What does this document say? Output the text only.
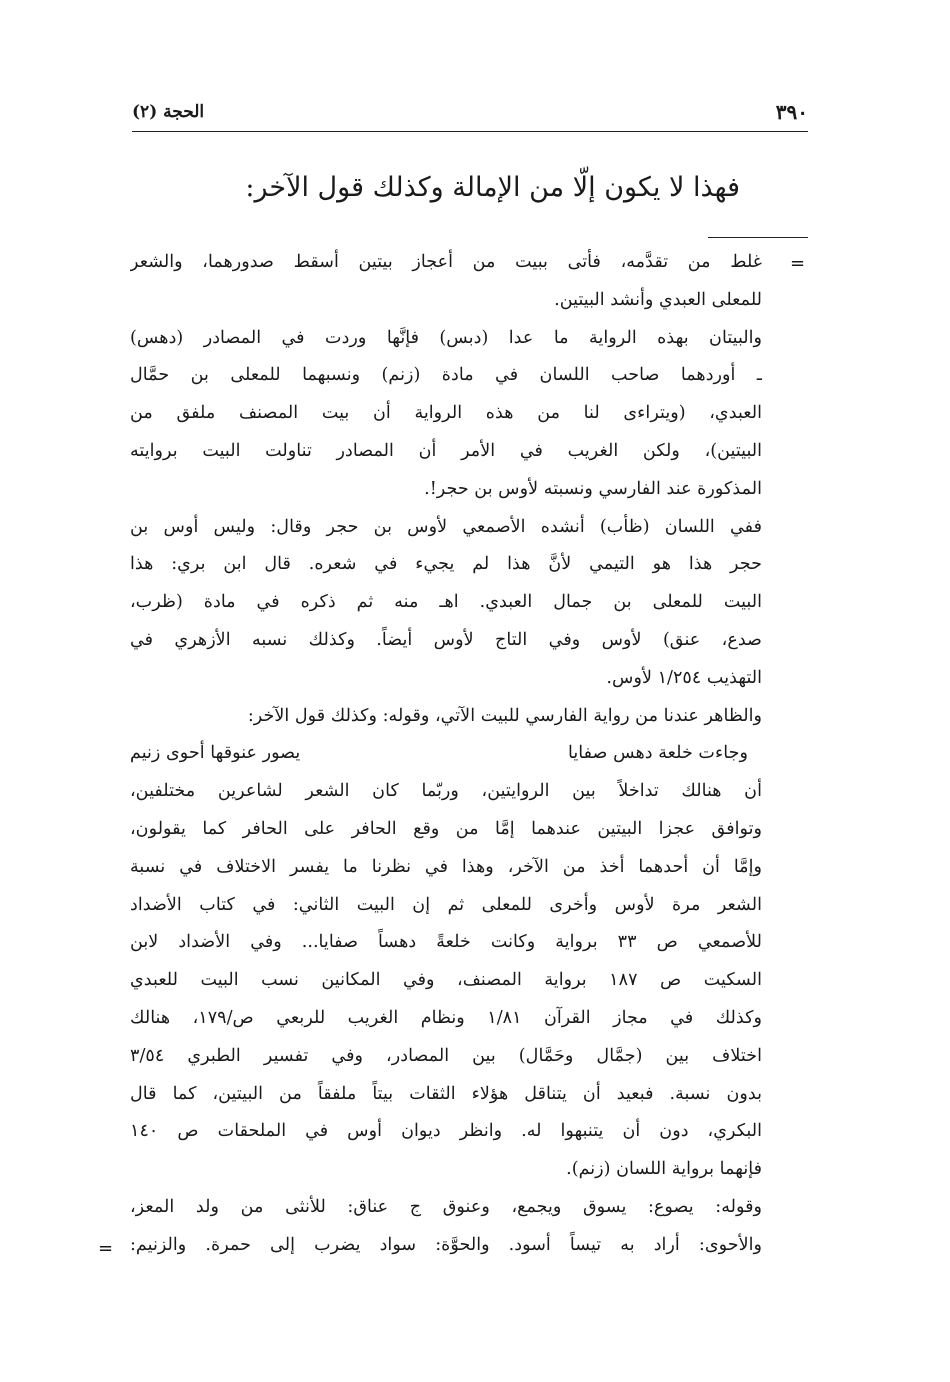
٣٩٠
الحجة (٢)
فهذا لا يكون إلّا من الإمالة وكذلك قول الآخر:
=
غلط من تقدَّمه، فأتى ببيت من أعجاز بيتين أسقط صدورهما، والشعر
للمعلى العبدي وأنشد البيتين.
والبيتان بهذه الرواية ما عدا (دبس) فإنَّها وردت في المصادر (دهس)
ـ أوردهما صاحب اللسان في مادة (زنم) ونسبهما للمعلى بن حمَّال
العبدي، (ويتراءى لنا من هذه الرواية أن بيت المصنف ملفق من
البيتين)، ولكن الغريب في الأمر أن المصادر تناولت البيت بروايته
المذكورة عند الفارسي ونسبته لأوس بن حجر!.
ففي اللسان (ظأب) أنشده الأصمعي لأوس بن حجر وقال: وليس أوس بن
حجر هذا هو التيمي لأنَّ هذا لم يجيء في شعره. قال ابن بري: هذا
البيت للمعلى بن جمال العبدي. اهـ منه ثم ذكره في مادة (ظرب،
صدع، عنق) لأوس وفي التاج لأوس أيضاً. وكذلك نسبه الأزهري في
التهذيب ١/٢٥٤ لأوس.
والظاهر عندنا من رواية الفارسي للبيت الآتي، وقوله: وكذلك قول الآخر:
وجاءت خلعة دهس صفايا
يصور عنوقها أحوى زنيم
أن هنالك تداخلاً بين الروايتين، وربّما كان الشعر لشاعرين مختلفين،
وتوافق عجزا البيتين عندهما إمَّا من وقع الحافر على الحافر كما يقولون،
وإمَّا أن أحدهما أخذ من الآخر، وهذا في نظرنا ما يفسر الاختلاف في نسبة
الشعر مرة لأوس وأخرى للمعلى ثم إن البيت الثاني: في كتاب الأضداد
للأصمعي ص ٣٣ برواية وكانت خلعةً دهساً صفايا... وفي الأضداد لابن
السكيت ص ١٨٧ برواية المصنف، وفي المكانين نسب البيت للعبدي
وكذلك في مجاز القرآن ١/٨١ ونظام الغريب للربعي ص/١٧٩، هنالك
اختلاف بين (جمَّال وحَمَّال) بين المصادر، وفي تفسير الطبري ٣/٥٤
بدون نسبة. فبعيد أن يتناقل هؤلاء الثقات بيتاً ملفقاً من البيتين، كما قال
البكري، دون أن يتنبهوا له. وانظر ديوان أوس في الملحقات ص ١٤٠
فإنهما برواية اللسان (زنم).
وقوله: يصوع: يسوق ويجمع، وعنوق ج عناق: للأنثى من ولد المعز،
والأحوى: أراد به تيساً أسود. والحوَّة: سواد يضرب إلى حمرة. والزنيم:
=
